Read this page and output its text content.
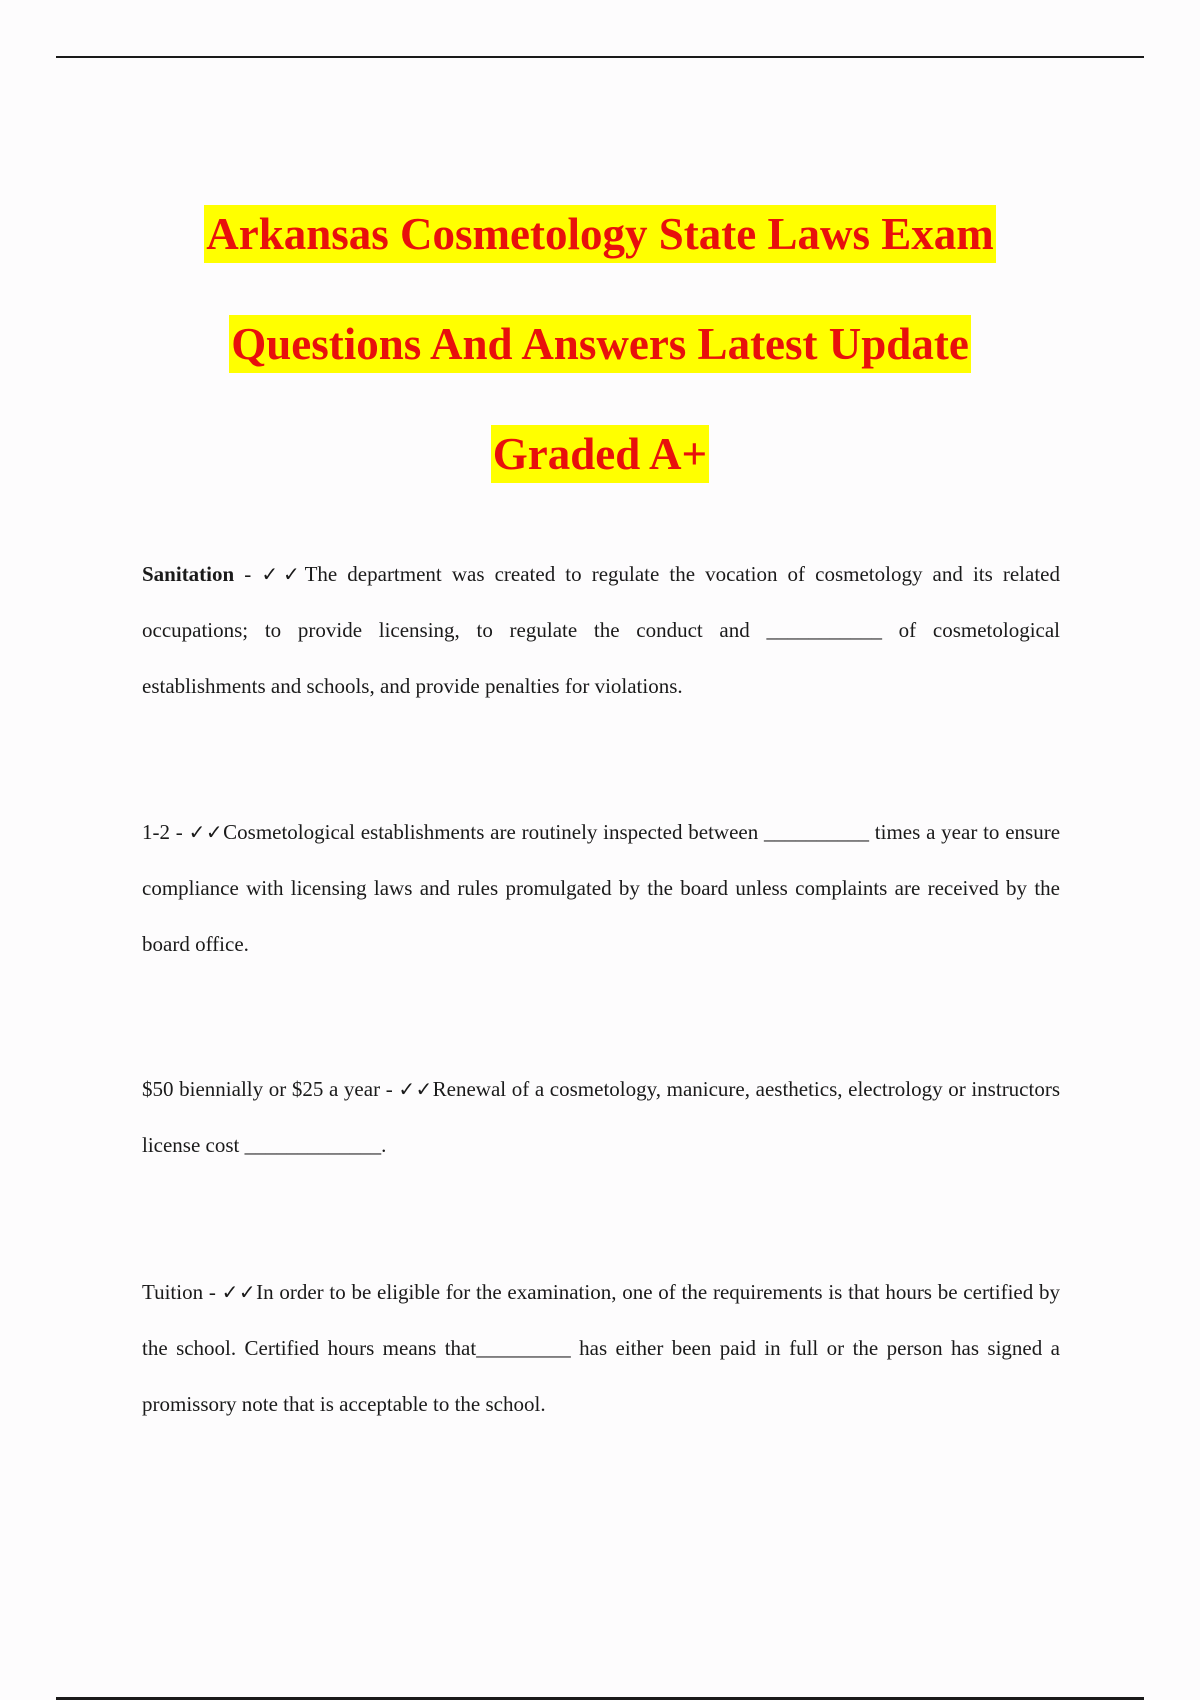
Arkansas Cosmetology State Laws Exam
Questions And Answers Latest Update
Graded A+
Sanitation - ✓✓The department was created to regulate the vocation of cosmetology and its related occupations; to provide licensing, to regulate the conduct and ___________ of cosmetological establishments and schools, and provide penalties for violations.
1-2 - ✓✓Cosmetological establishments are routinely inspected between __________ times a year to ensure compliance with licensing laws and rules promulgated by the board unless complaints are received by the board office.
$50 biennially or $25 a year - ✓✓Renewal of a cosmetology, manicure, aesthetics, electrology or instructors license cost _____________.
Tuition - ✓✓In order to be eligible for the examination, one of the requirements is that hours be certified by the school. Certified hours means that_________ has either been paid in full or the person has signed a promissory note that is acceptable to the school.
